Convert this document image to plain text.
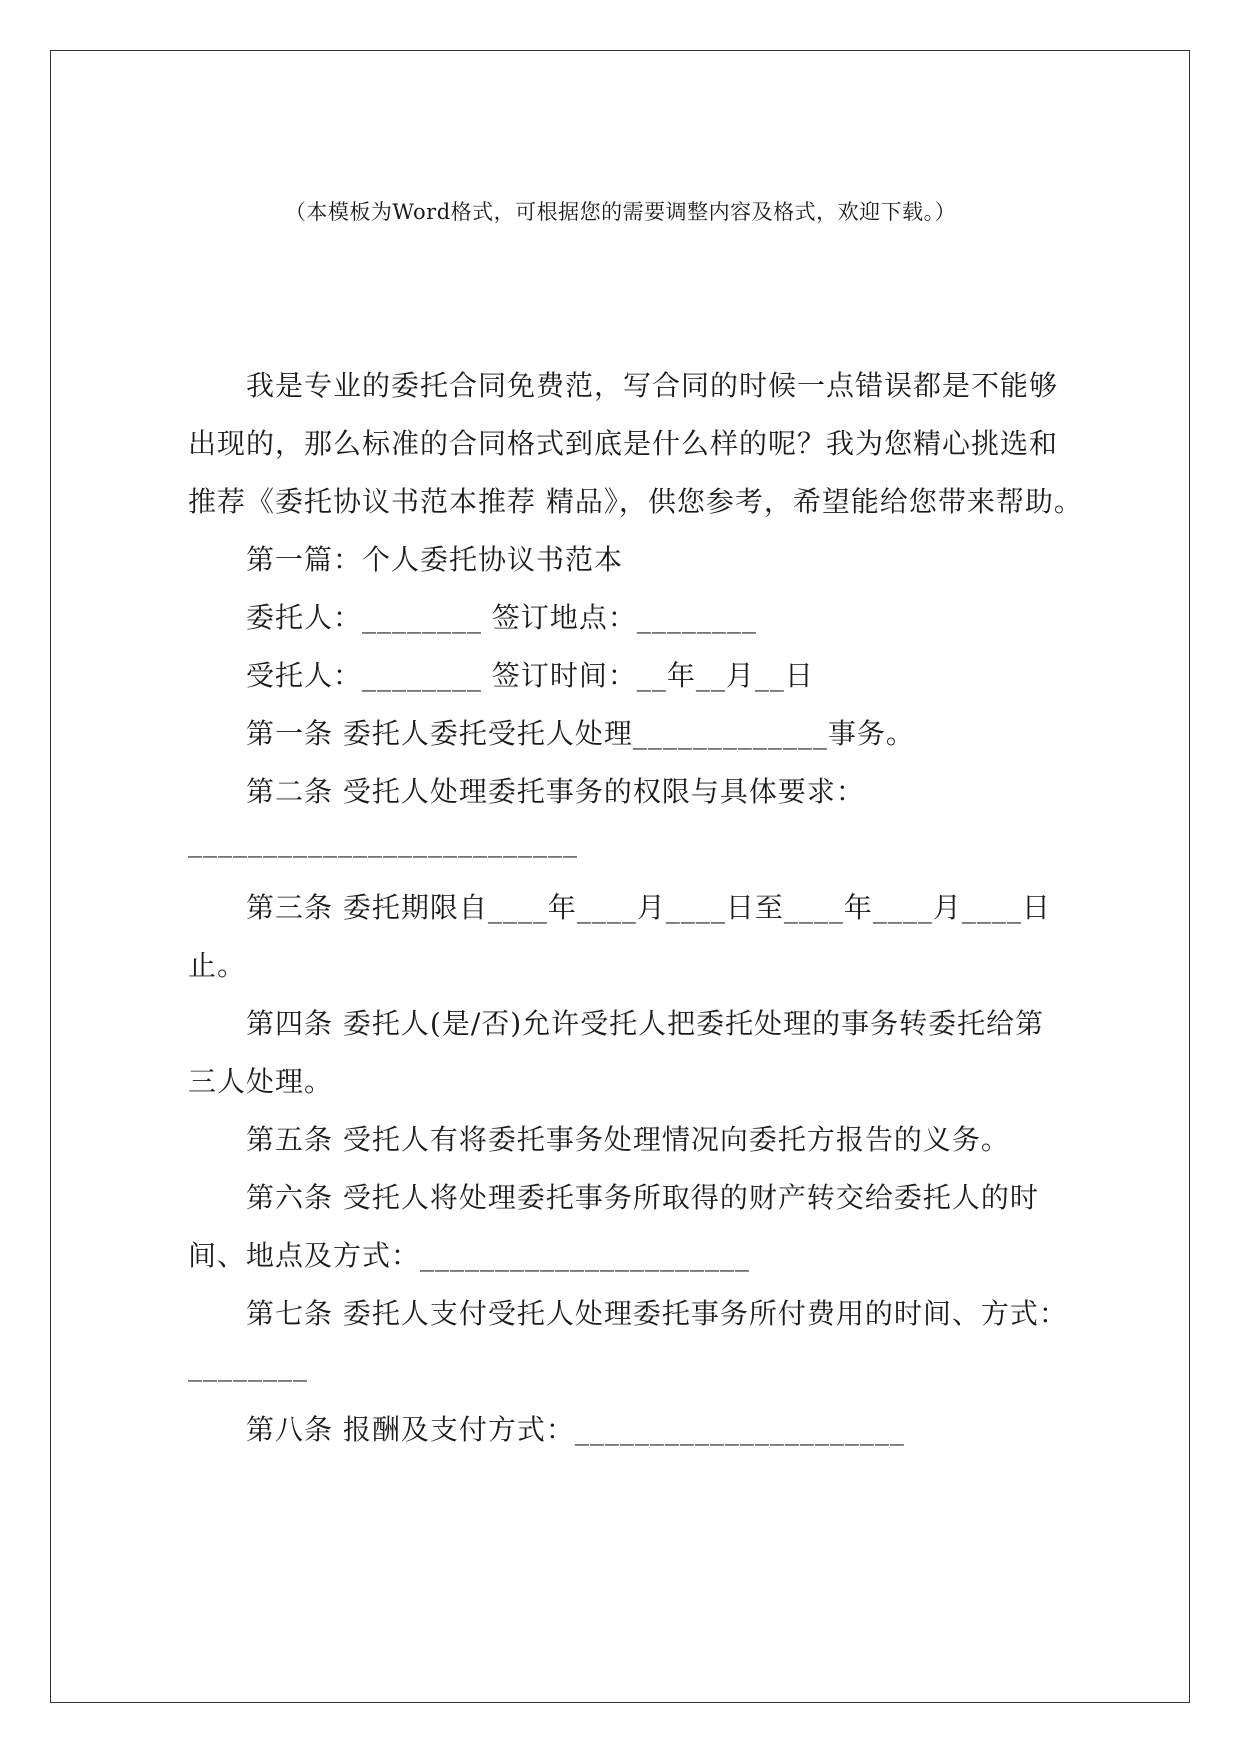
（本模板为Word格式，可根据您的需要调整内容及格式，欢迎下载。）
我是专业的委托合同免费范，写合同的时候一点错误都是不能够
出现的，那么标准的合同格式到底是什么样的呢？我为您精心挑选和
推荐《委托协议书范本推荐 精品》，供您参考，希望能给您带来帮助。
第一篇：个人委托协议书范本
委托人：________ 签订地点：________
受托人：________ 签订时间：__年__月__日
第一条 委托人委托受托人处理_____________事务。
第二条 受托人处理委托事务的权限与具体要求：
__________________________
第三条 委托期限自____年____月____日至____年____月____日
止。
第四条 委托人(是/否)允许受托人把委托处理的事务转委托给第
三人处理。
第五条 受托人有将委托事务处理情况向委托方报告的义务。
第六条 受托人将处理委托事务所取得的财产转交给委托人的时
间、地点及方式：______________________
第七条 委托人支付受托人处理委托事务所付费用的时间、方式：
________
第八条 报酬及支付方式：______________________
